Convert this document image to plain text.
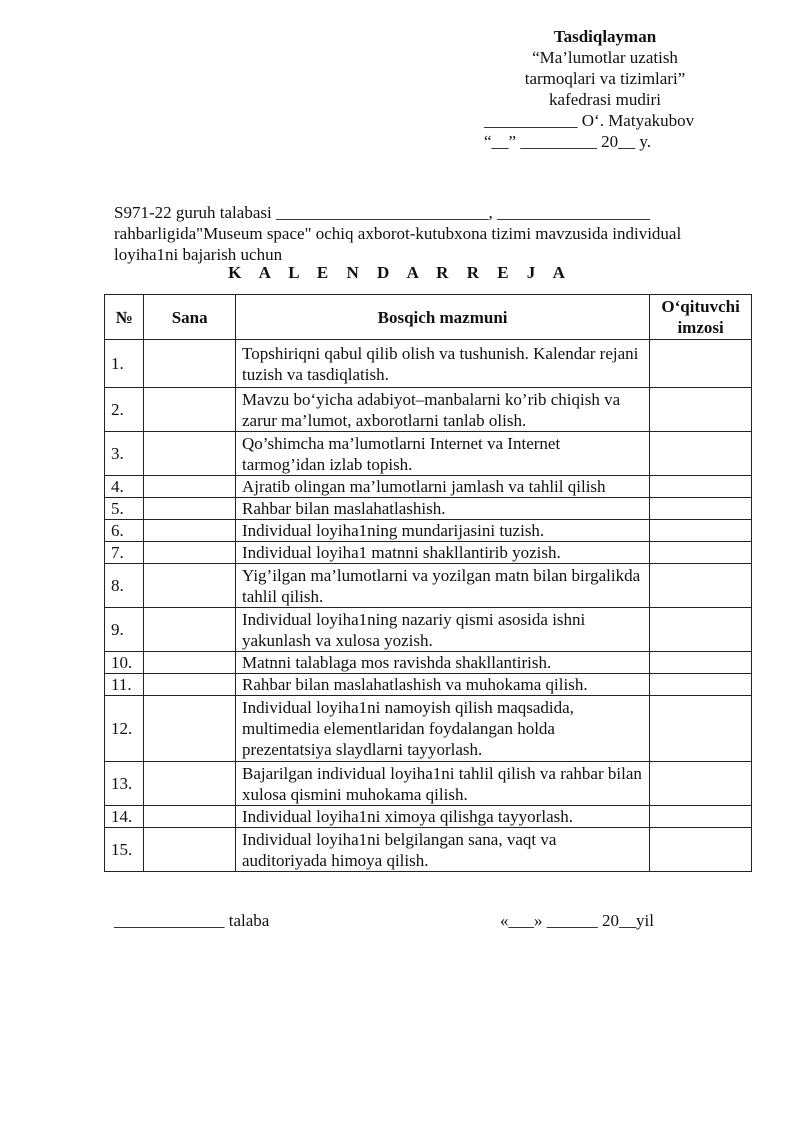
Tasdiqlayman
“Ma’lumotlar uzatish
tarmoqlari va tizimlari”
kafedrasi mudiri
___________ O‘. Matyakubov
“__” _________ 20__ y.
S971-22 guruh talabasi _________________________, __________________
rahbarligida"Museum space" ochiq axborot-kutubxona tizimi mavzusida individual
loyiha1ni bajarish uchun
K A L E N D A R R E J A
№	Sana	Bosqich mazmuni	O‘qituvchi imzosi
1.		Topshiriqni qabul qilib olish va tushunish. Kalendar rejani tuzish va tasdiqlatish.	
2.		Mavzu bo‘yicha adabiyot–manbalarni ko’rib chiqish va zarur ma’lumot, axborotlarni tanlab olish.	
3.		Qo’shimcha ma’lumotlarni Internet va Internet tarmog’idan izlab topish.	
4.		Ajratib olingan ma’lumotlarni jamlash va tahlil qilish	
5.		Rahbar bilan maslahatlashish.	
6.		Individual loyiha1ning mundarijasini tuzish.	
7.		Individual loyiha1 matnni shakllantirib yozish.	
8.		Yig’ilgan ma’lumotlarni va yozilgan matn bilan birgalikda tahlil qilish.	
9.		Individual loyiha1ning nazariy qismi asosida ishni yakunlash va xulosa yozish.	
10.		Matnni talablaga mos ravishda shakllantirish.	
11.		Rahbar bilan maslahatlashish va muhokama qilish.	
12.		Individual loyiha1ni namoyish qilish maqsadida, multimedia elementlaridan foydalangan holda prezentatsiya slaydlarni tayyorlash.	
13.		Bajarilgan individual loyiha1ni tahlil qilish va rahbar bilan xulosa qismini muhokama qilish.	
14.		Individual loyiha1ni ximoya qilishga tayyorlash.	
15.		Individual loyiha1ni belgilangan sana, vaqt va auditoriyada himoya qilish.	
_____________ talaba	«___» ______ 20__yil
